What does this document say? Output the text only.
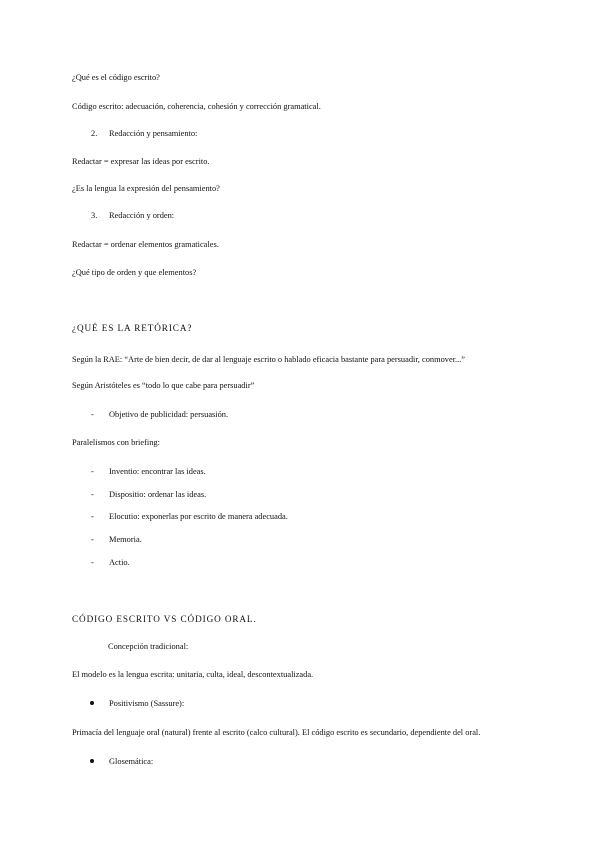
¿Qué es el código escrito?
Código escrito: adecuación, coherencia, cohesión y corrección gramatical.
2. Redacción y pensamiento:
Redactar = expresar las ideas por escrito.
¿Es la lengua la expresión del pensamiento?
3. Redacción y orden:
Redactar = ordenar elementos gramaticales.
¿Qué tipo de orden y que elementos?
¿QUÉ ES LA RETÓRICA?
Según la RAE: “Arte de bien decir, de dar al lenguaje escrito o hablado eficacia bastante para persuadir, conmover...”
Según Aristóteles es “todo lo que cabe para persuadir”
- Objetivo de publicidad: persuasión.
Paralelismos con briefing:
- Inventio: encontrar las ideas.
- Dispositio: ordenar las ideas.
- Elocutio: exponerlas por escrito de manera adecuada.
- Memoria.
- Actio.
CÓDIGO ESCRITO VS CÓDIGO ORAL.
Concepción tradicional:
El modelo es la lengua escrita: unitaria, culta, ideal, descontextualizada.
Positivismo (Sassure):
Primacía del lenguaje oral (natural) frente al escrito (calco cultural). El código escrito es secundario, dependiente del oral.
Glosemática:
